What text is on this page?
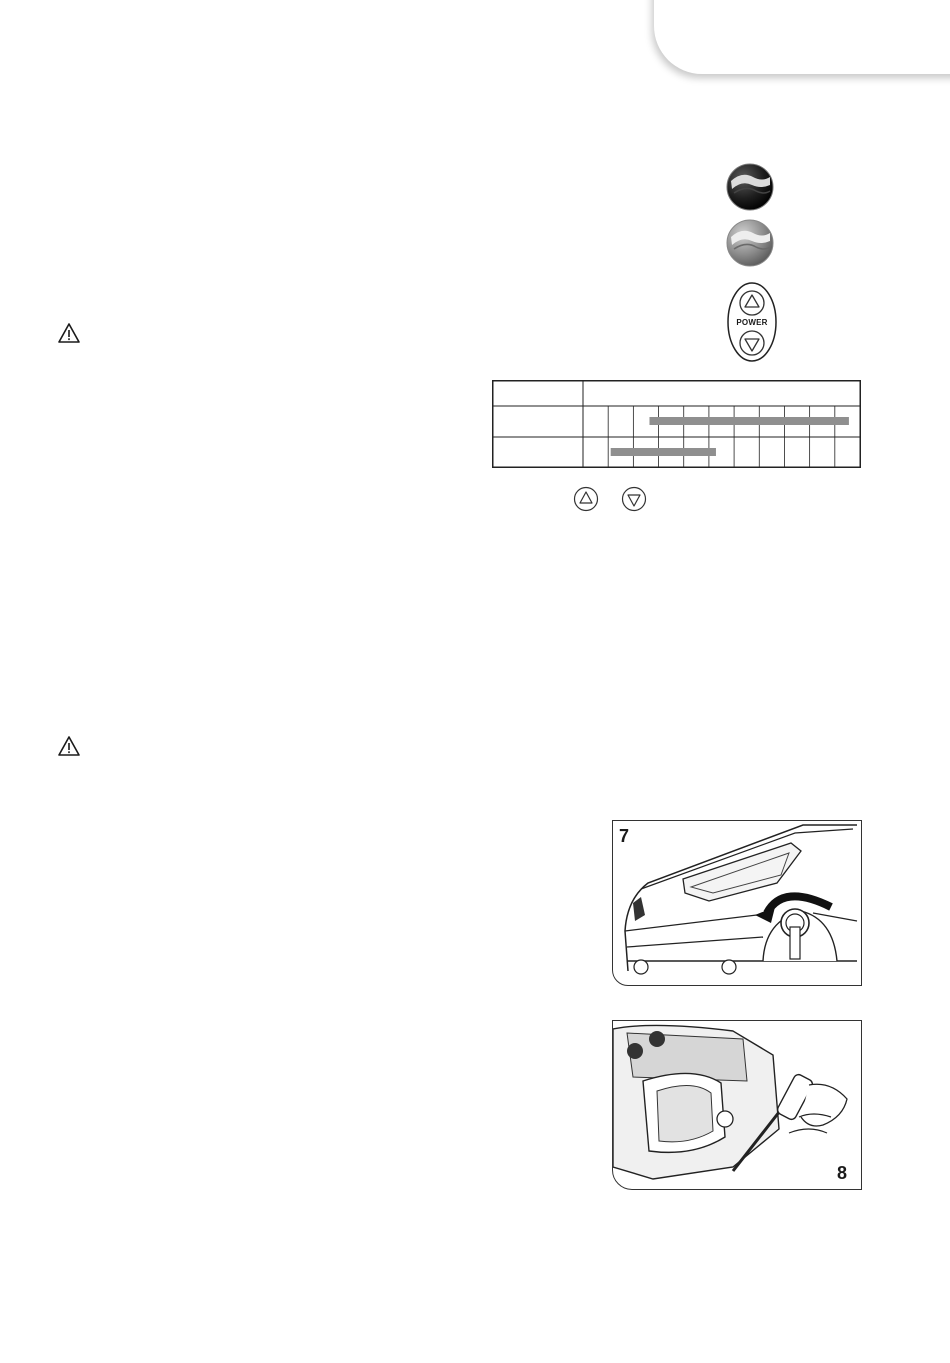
POWER
7
8
